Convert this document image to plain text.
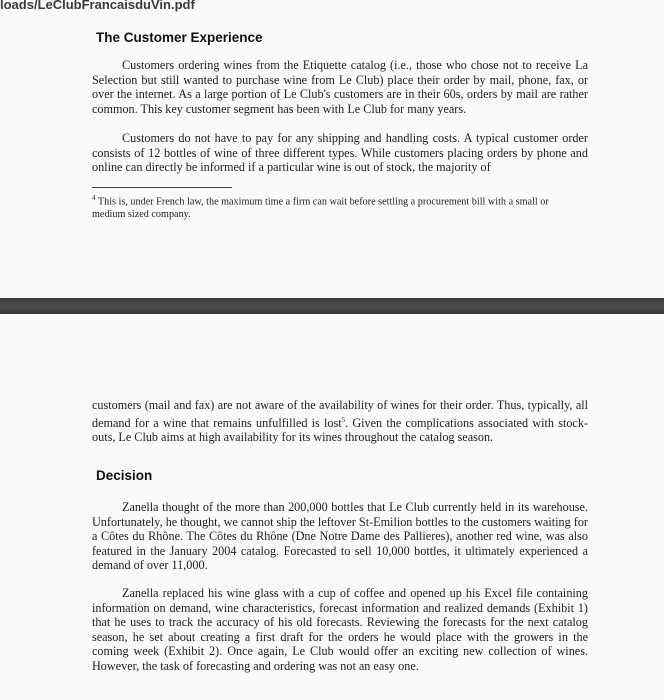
loads/LeClubFrancaisduVin.pdf
The Customer Experience

Customers ordering wines from the Etiquette catalog (i.e., those who chose not to receive La Selection but still wanted to purchase wine from Le Club) place their order by mail, phone, fax, or over the internet. As a large portion of Le Club's customers are in their 60s, orders by mail are rather common. This key customer segment has been with Le Club for many years.

Customers do not have to pay for any shipping and handling costs. A typical customer order consists of 12 bottles of wine of three different types. While customers placing orders by phone and online can directly be informed if a particular wine is out of stock, the majority of

$^4$ This is, under French law, the maximum time a firm can wait before settling a procurement bill with a small or medium sized company.

customers (mail and fax) are not aware of the availability of wines for their order. Thus, typically, all demand for a wine that remains unfulfilled is lost$^5$. Given the complications associated with stock-outs, Le Club aims at high availability for its wines throughout the catalog season.

Decision

Zanella thought of the more than 200,000 bottles that Le Club currently held in its warehouse. Unfortunately, he thought, we cannot ship the leftover St-Emilion bottles to the customers waiting for a Côtes du Rhône. The Côtes du Rhône (Dne Notre Dame des Pallieres), another red wine, was also featured in the January 2004 catalog. Forecasted to sell 10,000 bottles, it ultimately experienced a demand of over 11,000.

Zanella replaced his wine glass with a cup of coffee and opened up his Excel file containing information on demand, wine characteristics, forecast information and realized demands (Exhibit 1) that he uses to track the accuracy of his old forecasts. Reviewing the forecasts for the next catalog season, he set about creating a first draft for the orders he would place with the growers in the coming week (Exhibit 2). Once again, Le Club would offer an exciting new collection of wines. However, the task of forecasting and ordering was not an easy one.
